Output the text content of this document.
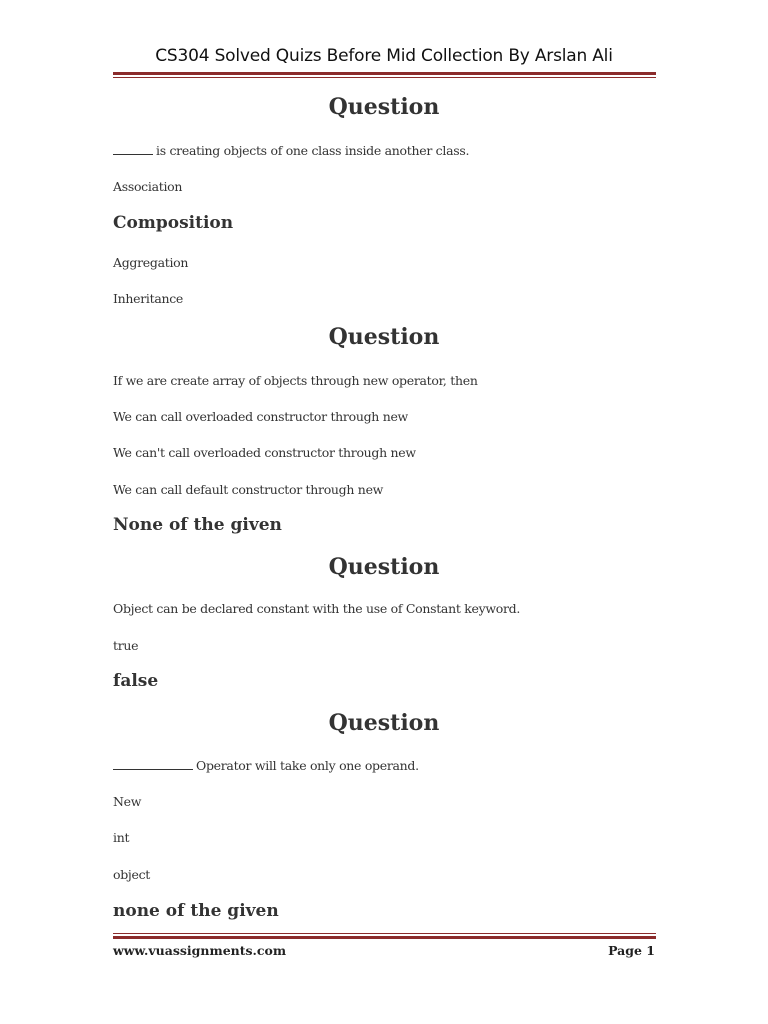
CS304 Solved Quizs Before Mid Collection By Arslan Ali
Question
is creating objects of one class inside another class.
Association
Composition
Aggregation
Inheritance
Question
If we are create array of objects through new operator, then
We can call overloaded constructor through new
We can't call overloaded constructor through new
We can call default constructor through new
None of the given
Question
Object can be declared constant with the use of Constant keyword.
true
false
Question
Operator will take only one operand.
New
int
object
none of the given
www.vuassignments.com	Page 1
